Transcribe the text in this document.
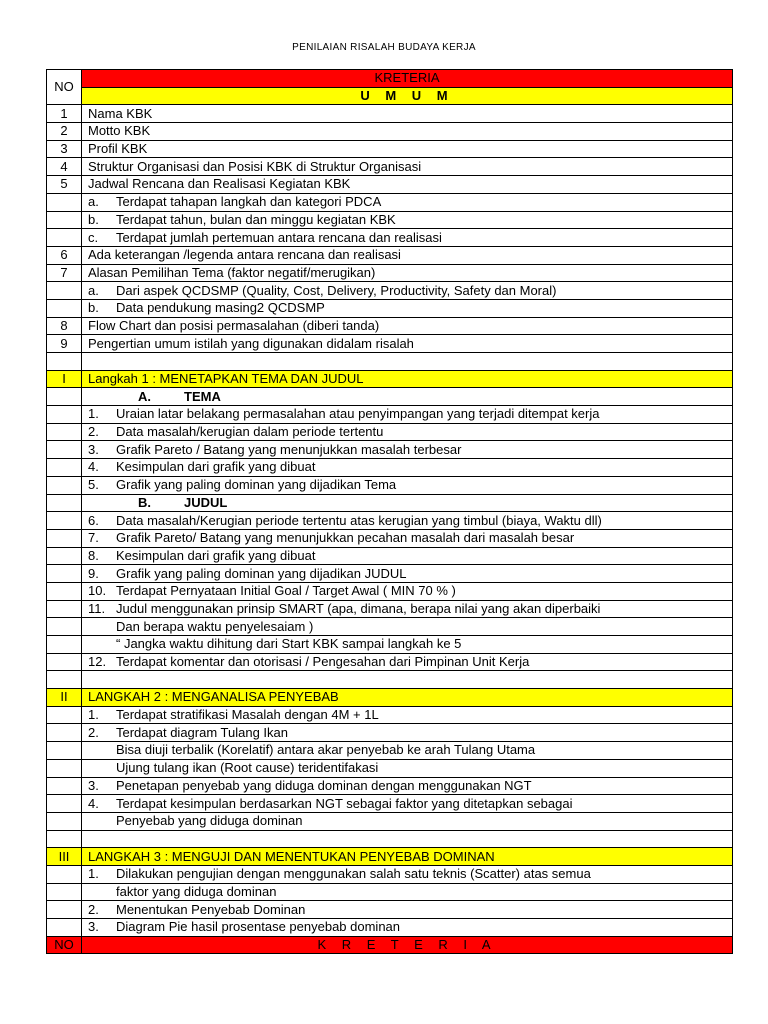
PENILAIAN RISALAH BUDAYA KERJA
NO	KRETERIA
	U M U M
1	Nama KBK
2	Motto KBK
3	Profil KBK
4	Struktur Organisasi dan Posisi KBK di Struktur Organisasi
5	Jadwal Rencana dan Realisasi Kegiatan KBK
	a. Terdapat tahapan langkah dan kategori PDCA
	b. Terdapat tahun, bulan dan minggu kegiatan KBK
	c. Terdapat jumlah pertemuan antara rencana dan realisasi
6	Ada keterangan /legenda antara rencana dan realisasi
7	Alasan Pemilihan Tema (faktor negatif/merugikan)
	a. Dari aspek QCDSMP (Quality, Cost, Delivery, Productivity, Safety dan Moral)
	b. Data pendukung masing2 QCDSMP
8	Flow Chart dan posisi permasalahan (diberi tanda)
9	Pengertian umum istilah yang digunakan didalam risalah

I	Langkah 1 : MENETAPKAN TEMA DAN JUDUL
	A. TEMA
	1. Uraian latar belakang permasalahan atau penyimpangan yang terjadi ditempat kerja
	2. Data masalah/kerugian dalam periode tertentu
	3. Grafik Pareto / Batang yang menunjukkan masalah terbesar
	4. Kesimpulan dari grafik yang dibuat
	5. Grafik yang paling dominan yang dijadikan Tema
	B. JUDUL
	6. Data masalah/Kerugian periode tertentu atas kerugian yang timbul (biaya, Waktu dll)
	7. Grafik Pareto/ Batang yang menunjukkan pecahan masalah dari masalah besar
	8. Kesimpulan dari grafik yang dibuat
	9. Grafik yang paling dominan yang dijadikan JUDUL
	10. Terdapat Pernyataan Initial Goal / Target Awal ( MIN 70 % )
	11. Judul menggunakan prinsip SMART (apa, dimana, berapa nilai yang akan diperbaiki
	Dan berapa waktu penyelesaiam )
	“ Jangka waktu dihitung dari Start KBK sampai langkah ke 5
	12. Terdapat komentar dan otorisasi / Pengesahan dari Pimpinan Unit Kerja

II	LANGKAH 2 : MENGANALISA PENYEBAB
	1. Terdapat stratifikasi Masalah dengan 4M + 1L
	2. Terdapat diagram Tulang Ikan
	Bisa diuji terbalik (Korelatif) antara akar penyebab ke arah Tulang Utama
	Ujung tulang ikan (Root cause) teridentifakasi
	3. Penetapan penyebab yang diduga dominan dengan menggunakan NGT
	4. Terdapat kesimpulan berdasarkan NGT sebagai faktor yang ditetapkan sebagai
	Penyebab yang diduga dominan

III	LANGKAH 3 : MENGUJI DAN MENENTUKAN PENYEBAB DOMINAN
	1. Dilakukan pengujian dengan menggunakan salah satu teknis (Scatter) atas semua
	faktor yang diduga dominan
	2. Menentukan Penyebab Dominan
	3. Diagram Pie hasil prosentase penyebab dominan
NO	K R E T E R I A
